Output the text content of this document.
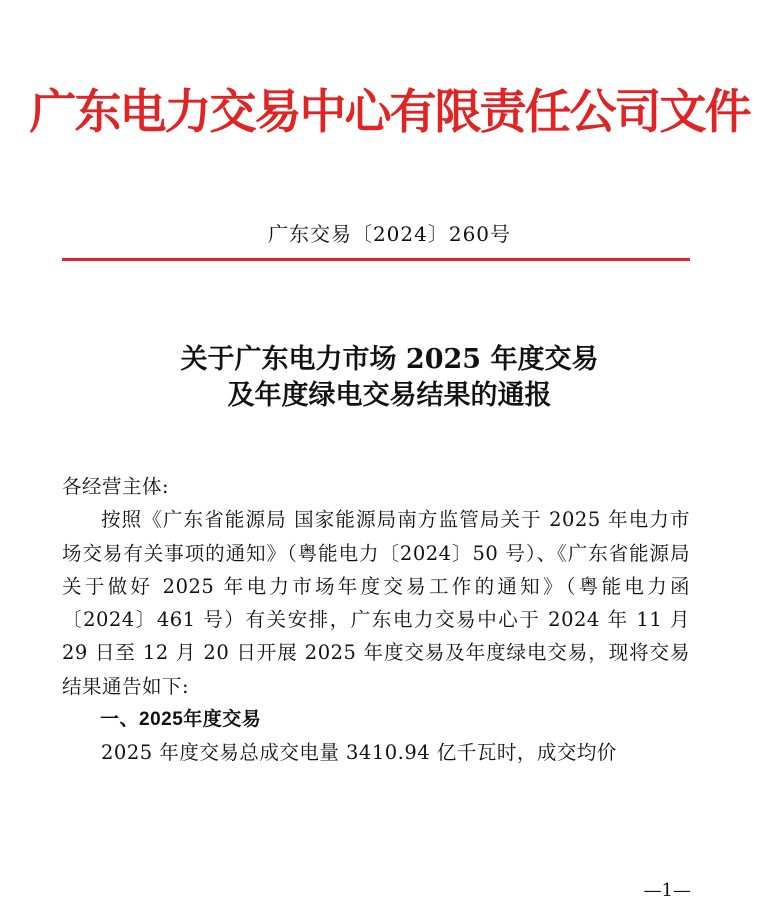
广东电力交易中心有限责任公司文件
广东交易〔2024〕260号
关于广东电力市场 2025 年度交易
及年度绿电交易结果的通报

各经营主体:

按照《广东省能源局 国家能源局南方监管局关于 2025 年电力市场交易有关事项的通知》（粤能电力〔2024〕50 号）、《广东省能源局关于做好 2025 年电力市场年度交易工作的通知》（粤能电力函〔2024〕461 号）有关安排，广东电力交易中心于 2024 年 11 月 29 日至 12 月 20 日开展 2025 年度交易及年度绿电交易，现将交易结果通告如下:

一、2025年度交易

2025 年度交易总成交电量 3410.94 亿千瓦时，成交均价

—1—
